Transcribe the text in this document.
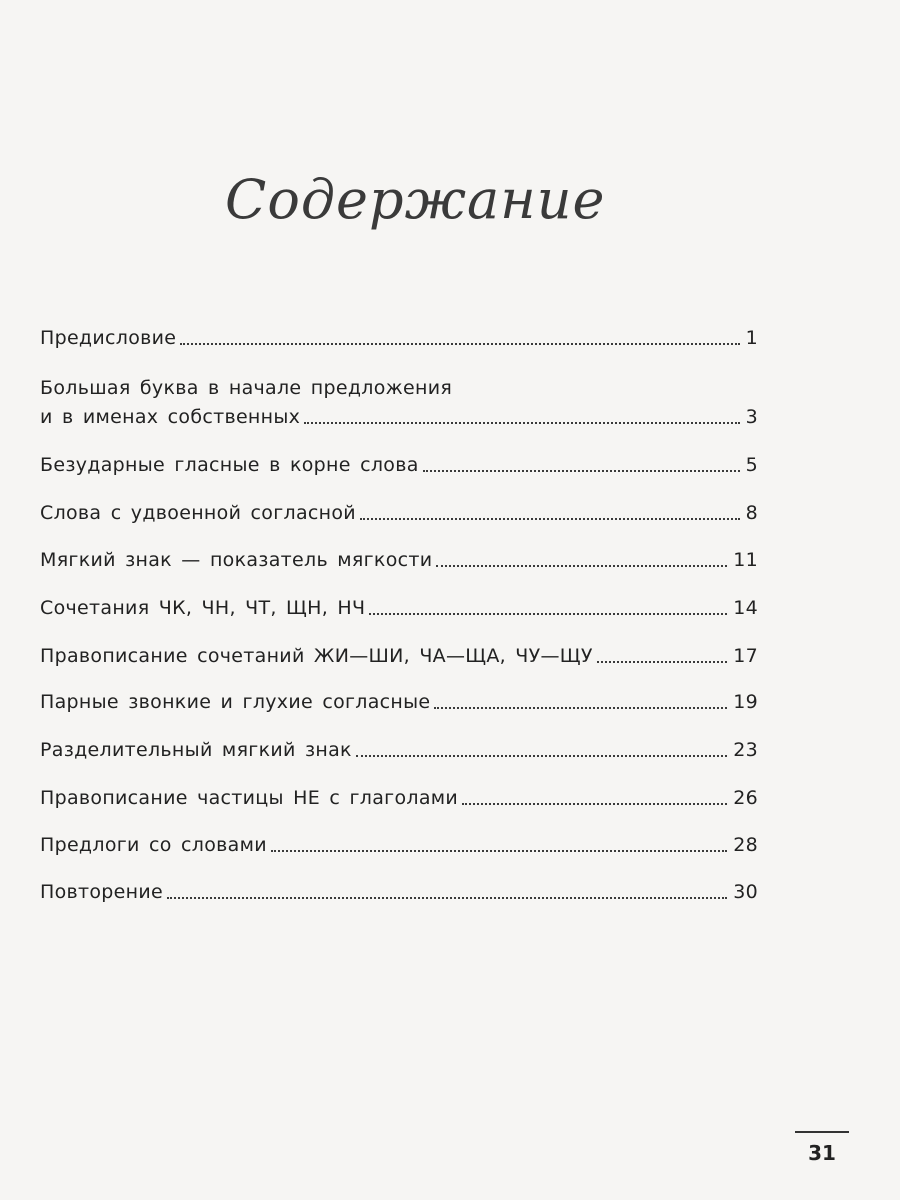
Содержание
Предисловие	1
Большая буква в начале предложения
и в именах собственных	3
Безударные гласные в корне слова	5
Слова с удвоенной согласной	8
Мягкий знак — показатель мягкости	11
Сочетания ЧК, ЧН, ЧТ, ЩН, НЧ	14
Правописание сочетаний ЖИ—ШИ, ЧА—ЩА, ЧУ—ЩУ	17
Парные звонкие и глухие согласные	19
Разделительный мягкий знак	23
Правописание частицы НЕ с глаголами	26
Предлоги со словами	28
Повторение	30
31
